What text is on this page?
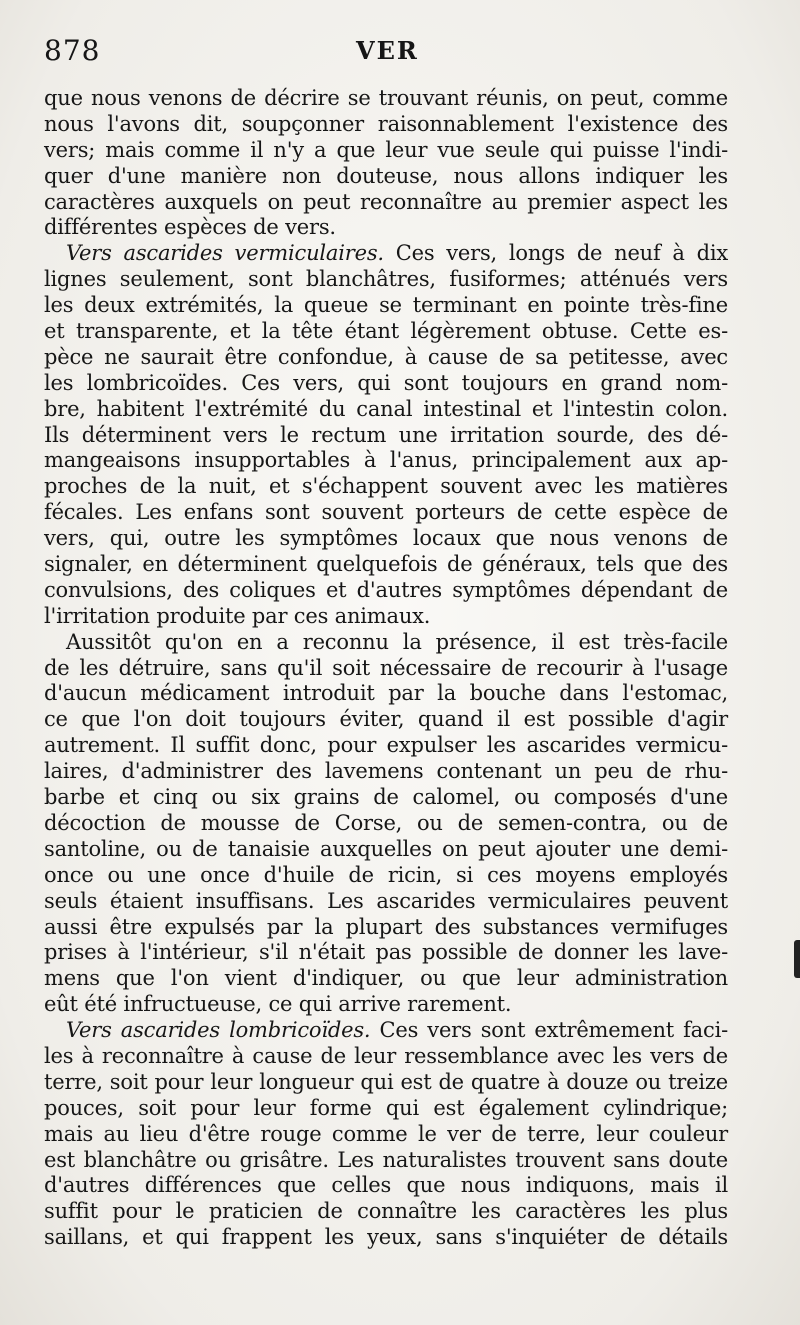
878	VER
que nous venons de décrire se trouvant réunis, on peut, comme
nous l'avons dit, soupçonner raisonnablement l'existence des
vers; mais comme il n'y a que leur vue seule qui puisse l'indi-
quer d'une manière non douteuse, nous allons indiquer les
caractères auxquels on peut reconnaître au premier aspect les
différentes espèces de vers.
Vers ascarides vermiculaires. Ces vers, longs de neuf à dix
lignes seulement, sont blanchâtres, fusiformes; atténués vers
les deux extrémités, la queue se terminant en pointe très-fine
et transparente, et la tête étant légèrement obtuse. Cette es-
pèce ne saurait être confondue, à cause de sa petitesse, avec
les lombricoïdes. Ces vers, qui sont toujours en grand nom-
bre, habitent l'extrémité du canal intestinal et l'intestin colon.
Ils déterminent vers le rectum une irritation sourde, des dé-
mangeaisons insupportables à l'anus, principalement aux ap-
proches de la nuit, et s'échappent souvent avec les matières
fécales. Les enfans sont souvent porteurs de cette espèce de
vers, qui, outre les symptômes locaux que nous venons de
signaler, en déterminent quelquefois de généraux, tels que des
convulsions, des coliques et d'autres symptômes dépendant de
l'irritation produite par ces animaux.
Aussitôt qu'on en a reconnu la présence, il est très-facile
de les détruire, sans qu'il soit nécessaire de recourir à l'usage
d'aucun médicament introduit par la bouche dans l'estomac,
ce que l'on doit toujours éviter, quand il est possible d'agir
autrement. Il suffit donc, pour expulser les ascarides vermicu-
laires, d'administrer des lavemens contenant un peu de rhu-
barbe et cinq ou six grains de calomel, ou composés d'une
décoction de mousse de Corse, ou de semen-contra, ou de
santoline, ou de tanaisie auxquelles on peut ajouter une demi-
once ou une once d'huile de ricin, si ces moyens employés
seuls étaient insuffisans. Les ascarides vermiculaires peuvent
aussi être expulsés par la plupart des substances vermifuges
prises à l'intérieur, s'il n'était pas possible de donner les lave-
mens que l'on vient d'indiquer, ou que leur administration
eût été infructueuse, ce qui arrive rarement.
Vers ascarides lombricoïdes. Ces vers sont extrêmement faci-
les à reconnaître à cause de leur ressemblance avec les vers de
terre, soit pour leur longueur qui est de quatre à douze ou treize
pouces, soit pour leur forme qui est également cylindrique;
mais au lieu d'être rouge comme le ver de terre, leur couleur
est blanchâtre ou grisâtre. Les naturalistes trouvent sans doute
d'autres différences que celles que nous indiquons, mais il
suffit pour le praticien de connaître les caractères les plus
saillans, et qui frappent les yeux, sans s'inquiéter de détails
